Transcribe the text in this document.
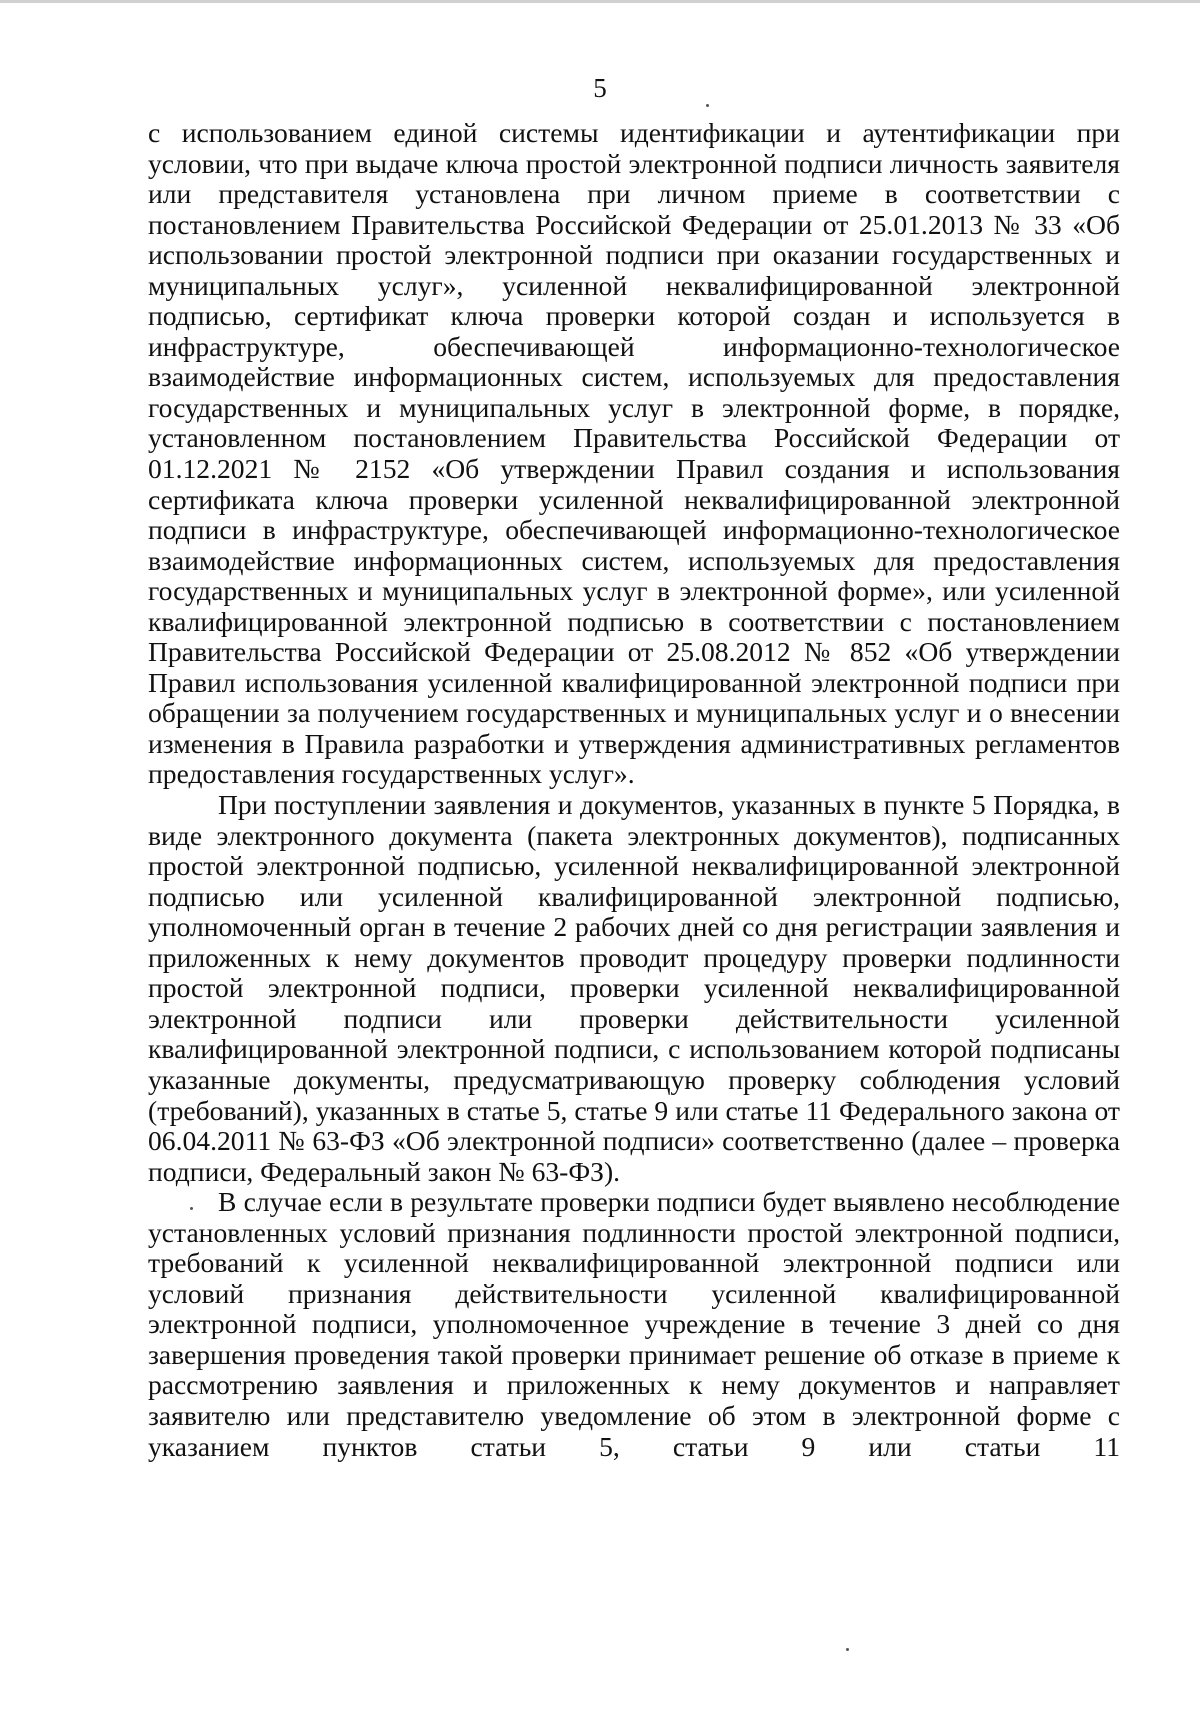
5

с использованием единой системы идентификации и аутентификации при условии, что при выдаче ключа простой электронной подписи личность заявителя или представителя установлена при личном приеме в соответствии с постановлением Правительства Российской Федерации от 25.01.2013 № 33 «Об использовании простой электронной подписи при оказании государственных и муниципальных услуг», усиленной неквалифицированной электронной подписью, сертификат ключа проверки которой создан и используется в инфраструктуре, обеспечивающей информационно-технологическое взаимодействие информационных систем, используемых для предоставления государственных и муниципальных услуг в электронной форме, в порядке, установленном постановлением Правительства Российской Федерации от 01.12.2021 № 2152 «Об утверждении Правил создания и использования сертификата ключа проверки усиленной неквалифицированной электронной подписи в инфраструктуре, обеспечивающей информационно-технологическое взаимодействие информационных систем, используемых для предоставления государственных и муниципальных услуг в электронной форме», или усиленной квалифицированной электронной подписью в соответствии с постановлением Правительства Российской Федерации от 25.08.2012 № 852 «Об утверждении Правил использования усиленной квалифицированной электронной подписи при обращении за получением государственных и муниципальных услуг и о внесении изменения в Правила разработки и утверждения административных регламентов предоставления государственных услуг».

При поступлении заявления и документов, указанных в пункте 5 Порядка, в виде электронного документа (пакета электронных документов), подписанных простой электронной подписью, усиленной неквалифицированной электронной подписью или усиленной квалифицированной электронной подписью, уполномоченный орган в течение 2 рабочих дней со дня регистрации заявления и приложенных к нему документов проводит процедуру проверки подлинности простой электронной подписи, проверки усиленной неквалифицированной электронной подписи или проверки действительности усиленной квалифицированной электронной подписи, с использованием которой подписаны указанные документы, предусматривающую проверку соблюдения условий (требований), указанных в статье 5, статье 9 или статье 11 Федерального закона от 06.04.2011 № 63-ФЗ «Об электронной подписи» соответственно (далее – проверка подписи, Федеральный закон № 63-ФЗ).

В случае если в результате проверки подписи будет выявлено несоблюдение установленных условий признания подлинности простой электронной подписи, требований к усиленной неквалифицированной электронной подписи или условий признания действительности усиленной квалифицированной электронной подписи, уполномоченное учреждение в течение 3 дней со дня завершения проведения такой проверки принимает решение об отказе в приеме к рассмотрению заявления и приложенных к нему документов и направляет заявителю или представителю уведомление об этом в электронной форме с указанием пунктов статьи 5, статьи 9 или статьи 11
